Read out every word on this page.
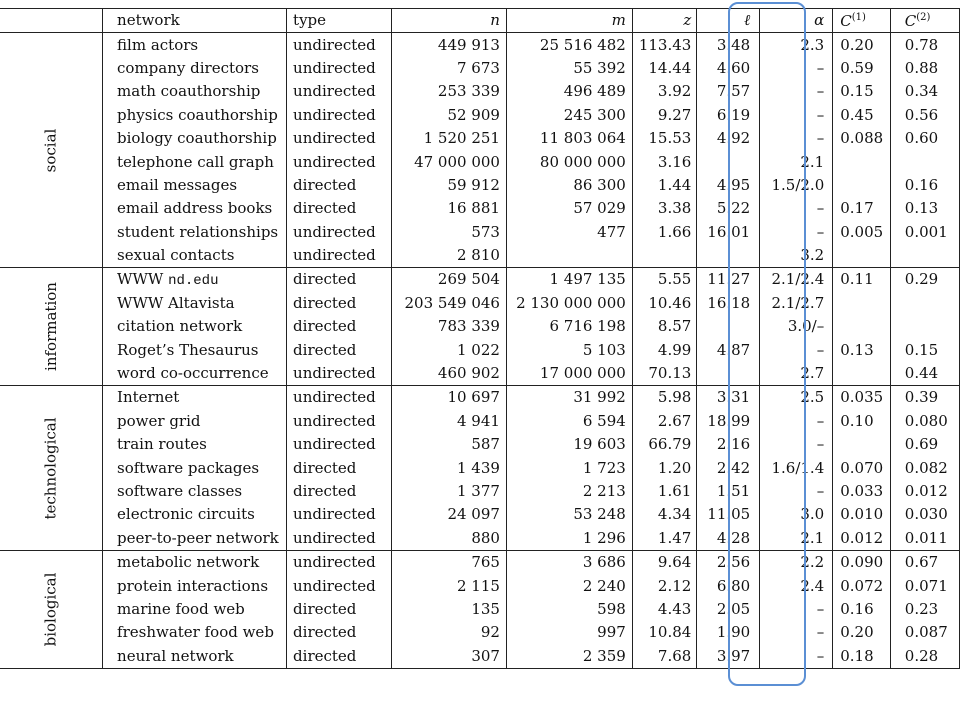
	network	type	n	m	z	ℓ	α	$C^{(1)}$	$C^{(2)}$
social	film actors	undirected	449 913	25 516 482	113.43	3.48	2.3	0.20	0.78
	company directors	undirected	7 673	55 392	14.44	4.60	–	0.59	0.88
	math coauthorship	undirected	253 339	496 489	3.92	7.57	–	0.15	0.34
	physics coauthorship	undirected	52 909	245 300	9.27	6.19	–	0.45	0.56
	biology coauthorship	undirected	1 520 251	11 803 064	15.53	4.92	–	0.088	0.60
	telephone call graph	undirected	47 000 000	80 000 000	3.16		2.1		
	email messages	directed	59 912	86 300	1.44	4.95	1.5/2.0		0.16
	email address books	directed	16 881	57 029	3.38	5.22	–	0.17	0.13
	student relationships	undirected	573	477	1.66	16.01	–	0.005	0.001
	sexual contacts	undirected	2 810				3.2		
information	WWW nd.edu	directed	269 504	1 497 135	5.55	11.27	2.1/2.4	0.11	0.29
	WWW Altavista	directed	203 549 046	2 130 000 000	10.46	16.18	2.1/2.7		
	citation network	directed	783 339	6 716 198	8.57		3.0/–		
	Roget’s Thesaurus	directed	1 022	5 103	4.99	4.87	–	0.13	0.15
	word co-occurrence	undirected	460 902	17 000 000	70.13		2.7		0.44
technological	Internet	undirected	10 697	31 992	5.98	3.31	2.5	0.035	0.39
	power grid	undirected	4 941	6 594	2.67	18.99	–	0.10	0.080
	train routes	undirected	587	19 603	66.79	2.16	–		0.69
	software packages	directed	1 439	1 723	1.20	2.42	1.6/1.4	0.070	0.082
	software classes	directed	1 377	2 213	1.61	1.51	–	0.033	0.012
	electronic circuits	undirected	24 097	53 248	4.34	11.05	3.0	0.010	0.030
	peer-to-peer network	undirected	880	1 296	1.47	4.28	2.1	0.012	0.011
biological	metabolic network	undirected	765	3 686	9.64	2.56	2.2	0.090	0.67
	protein interactions	undirected	2 115	2 240	2.12	6.80	2.4	0.072	0.071
	marine food web	directed	135	598	4.43	2.05	–	0.16	0.23
	freshwater food web	directed	92	997	10.84	1.90	–	0.20	0.087
	neural network	directed	307	2 359	7.68	3.97	–	0.18	0.28
